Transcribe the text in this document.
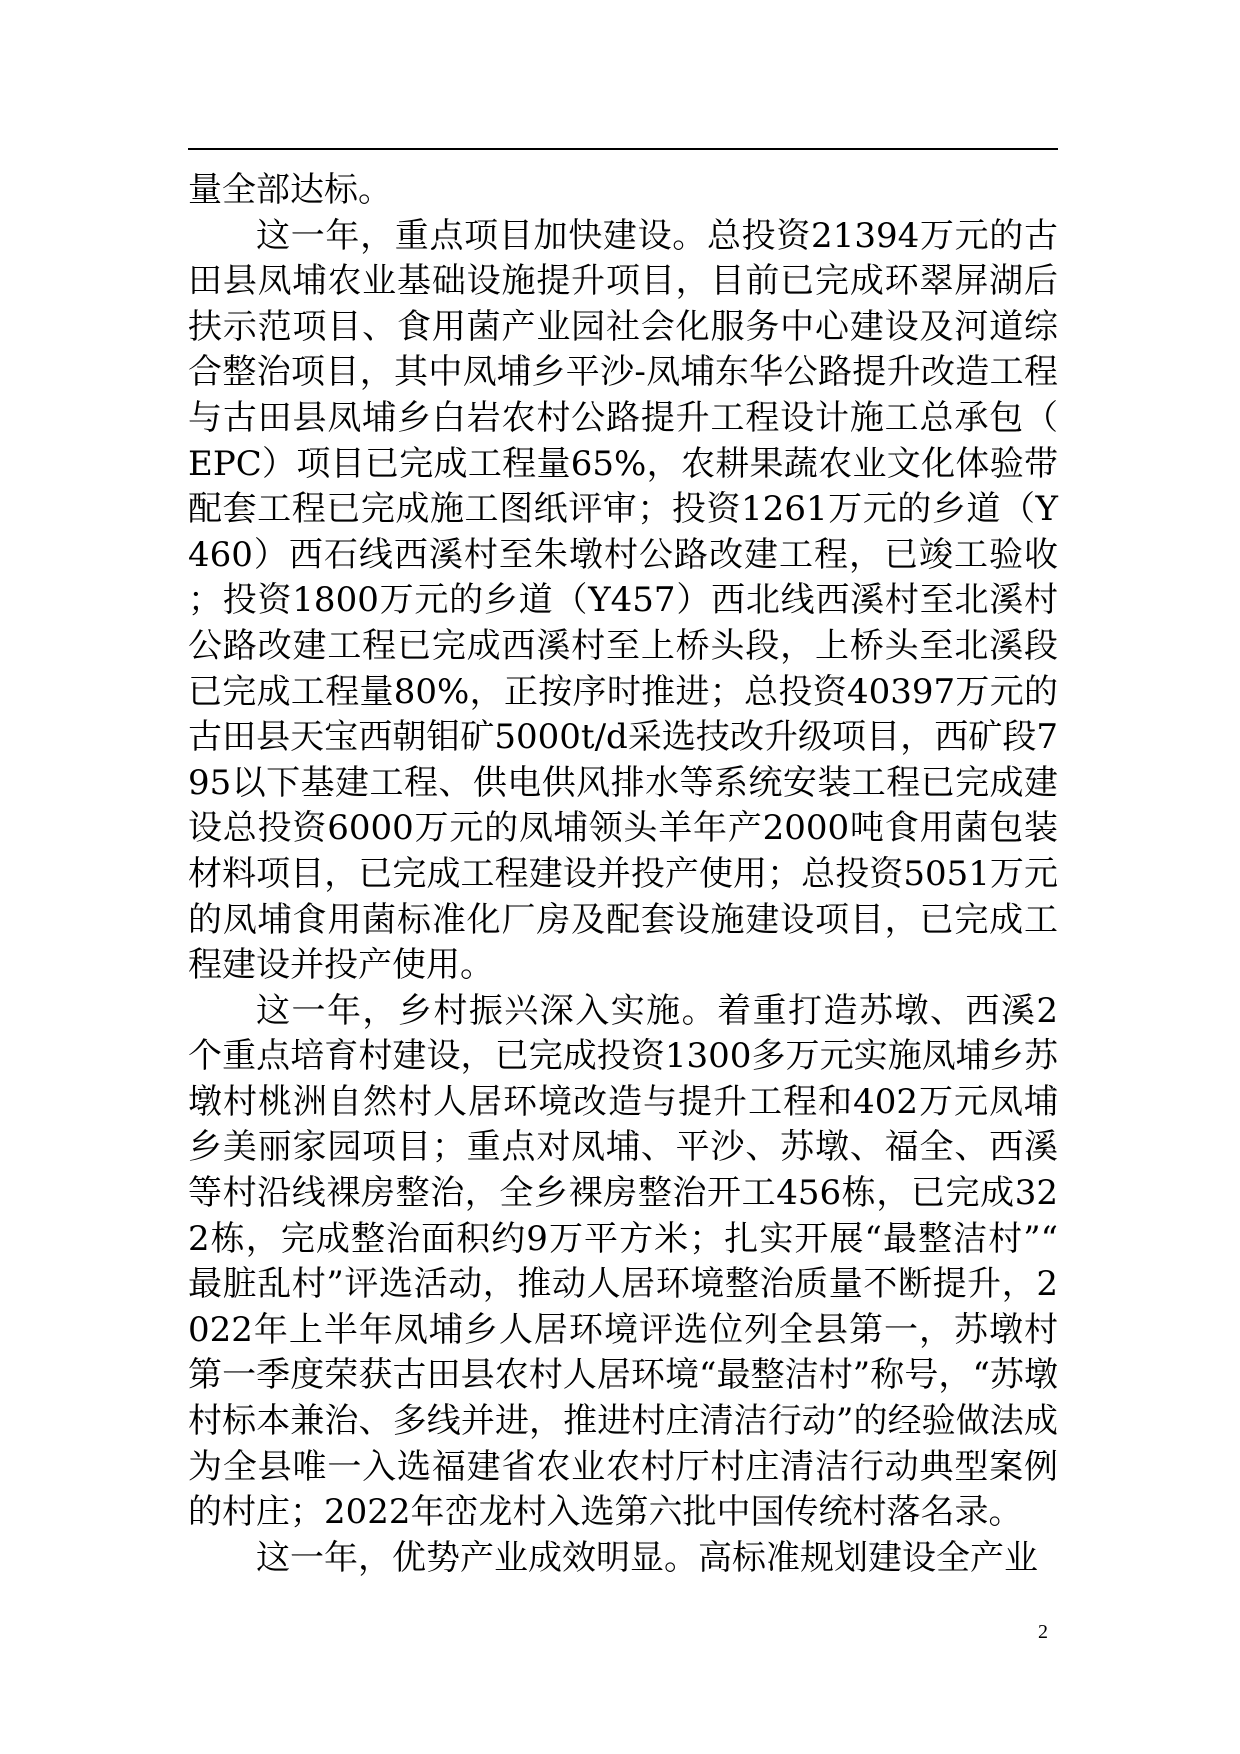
量全部达标。

这一年，重点项目加快建设。总投资21394万元的古田县凤埔农业基础设施提升项目，目前已完成环翠屏湖后扶示范项目、食用菌产业园社会化服务中心建设及河道综合整治项目，其中凤埔乡平沙-凤埔东华公路提升改造工程与古田县凤埔乡白岩农村公路提升工程设计施工总承包（EPC）项目已完成工程量65%，农耕果蔬农业文化体验带配套工程已完成施工图纸评审；投资1261万元的乡道（Y460）西石线西溪村至朱墩村公路改建工程，已竣工验收；投资1800万元的乡道（Y457）西北线西溪村至北溪村公路改建工程已完成西溪村至上桥头段，上桥头至北溪段已完成工程量80%，正按序时推进；总投资40397万元的古田县天宝西朝钼矿5000t/d采选技改升级项目，西矿段795以下基建工程、供电供风排水等系统安装工程已完成建设总投资6000万元的凤埔领头羊年产2000吨食用菌包装材料项目，已完成工程建设并投产使用；总投资5051万元的凤埔食用菌标准化厂房及配套设施建设项目，已完成工程建设并投产使用。

这一年，乡村振兴深入实施。着重打造苏墩、西溪2个重点培育村建设，已完成投资1300多万元实施凤埔乡苏墩村桃洲自然村人居环境改造与提升工程和402万元凤埔乡美丽家园项目；重点对凤埔、平沙、苏墩、福全、西溪等村沿线裸房整治，全乡裸房整治开工456栋，已完成322栋，完成整治面积约9万平方米；扎实开展“最整洁村”“最脏乱村”评选活动，推动人居环境整治质量不断提升，2022年上半年凤埔乡人居环境评选位列全县第一，苏墩村第一季度荣获古田县农村人居环境“最整洁村”称号，“苏墩村标本兼治、多线并进，推进村庄清洁行动”的经验做法成为全县唯一入选福建省农业农村厅村庄清洁行动典型案例的村庄；2022年峦龙村入选第六批中国传统村落名录。

这一年，优势产业成效明显。高标准规划建设全产业

2
